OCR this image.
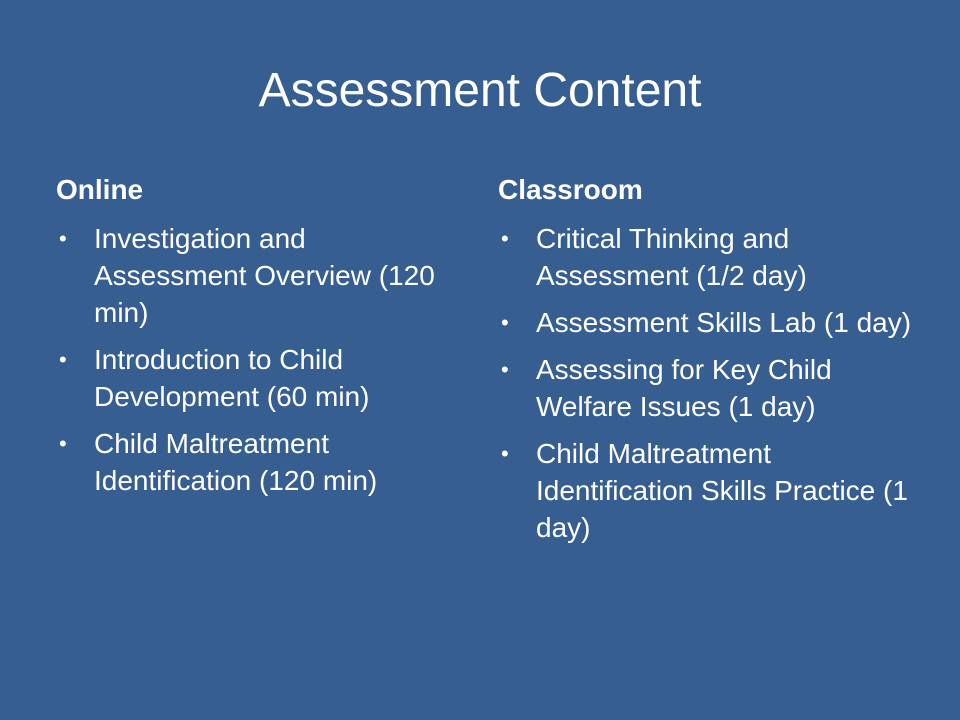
Assessment Content
Online
• Investigation and Assessment Overview (120 min)
• Introduction to Child Development (60 min)
• Child Maltreatment Identification (120 min)
Classroom
• Critical Thinking and Assessment (1/2 day)
• Assessment Skills Lab (1 day)
• Assessing for Key Child Welfare Issues (1 day)
• Child Maltreatment Identification Skills Practice (1 day)
